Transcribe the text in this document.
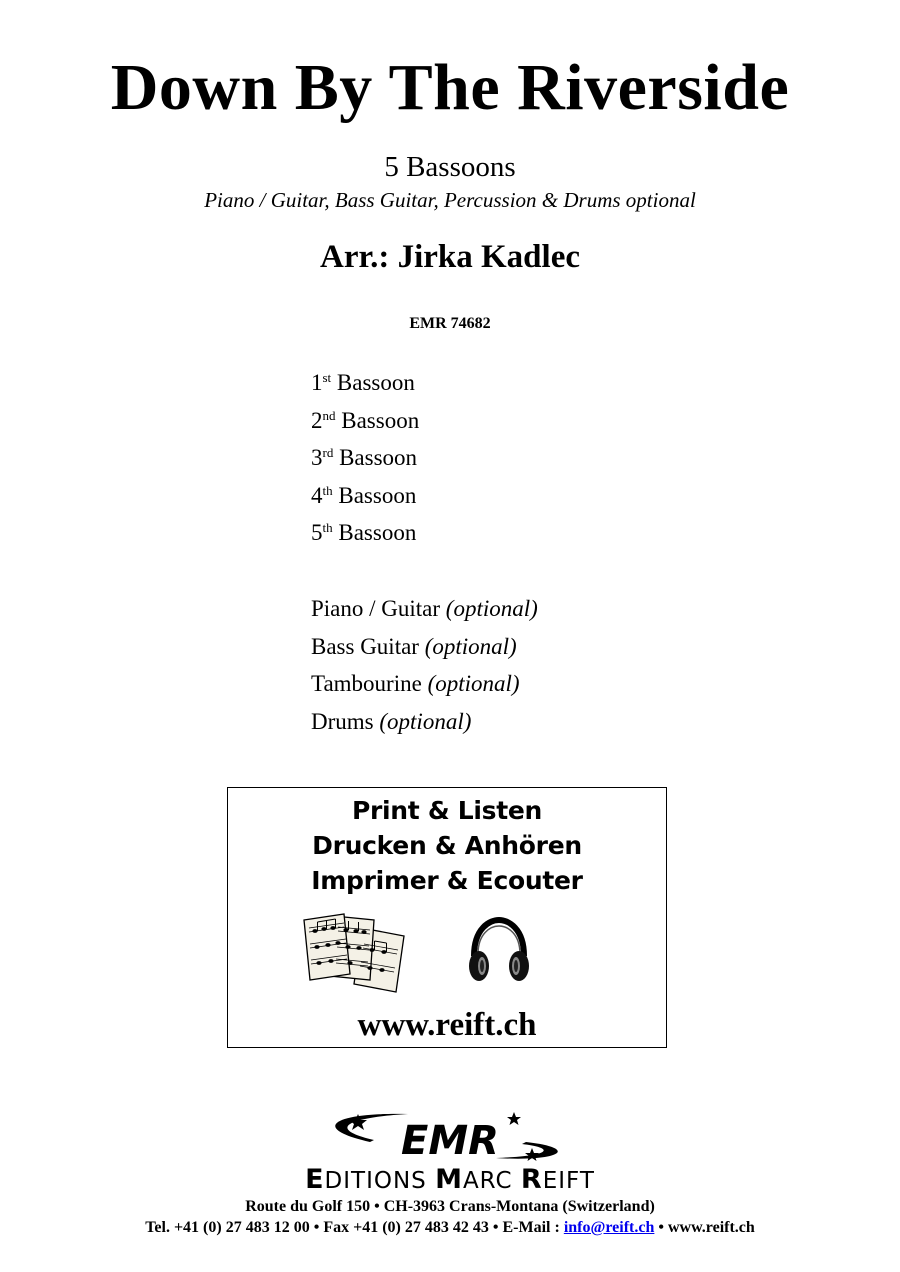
Down By The Riverside
5 Bassoons
Piano / Guitar, Bass Guitar, Percussion & Drums optional
Arr.: Jirka Kadlec
EMR 74682
1st Bassoon
2nd Bassoon
3rd Bassoon
4th Bassoon
5th Bassoon
Piano / Guitar (optional)
Bass Guitar (optional)
Tambourine (optional)
Drums (optional)
Print & Listen
Drucken & Anhören
Imprimer & Ecouter
www.reift.ch
EMR
EDITIONS MARC REIFT
Route du Golf 150 • CH-3963 Crans-Montana (Switzerland)
Tel. +41 (0) 27 483 12 00 • Fax +41 (0) 27 483 42 43 • E-Mail : info@reift.ch • www.reift.ch
